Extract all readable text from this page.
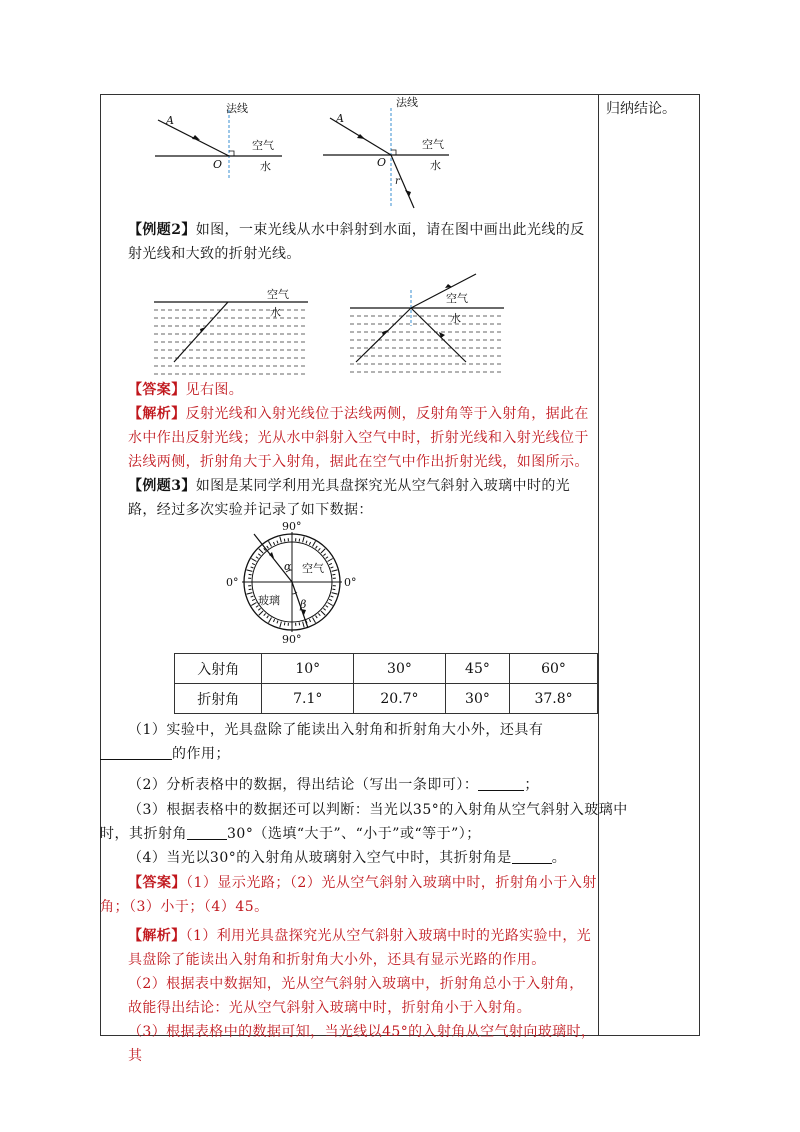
归纳结论。
法线
A
O
空气
水
法线
A
O
r
空气
水
【例题2】如图，一束光线从水中斜射到水面，请在图中画出此光线的反射光线和大致的折射光线。
【答案】见右图。
【解析】反射光线和入射光线位于法线两侧，反射角等于入射角，据此在水中作出反射光线；光从水中斜射入空气中时，折射光线和入射光线位于法线两侧，折射角大于入射角，据此在空气中作出折射光线，如图所示。
【例题3】如图是某同学利用光具盘探究光从空气斜射入玻璃中时的光路，经过多次实验并记录了如下数据：
入射角	10°	30°	45°	60°
折射角	7.1°	20.7°	30°	37.8°
（1）实验中，光具盘除了能读出入射角和折射角大小外，还具有
的作用；
（2）分析表格中的数据，得出结论（写出一条即可）：	；
（3）根据表格中的数据还可以判断：当光以35°的入射角从空气斜射入玻璃中
时，其折射角	30°（选填“大于”、“小于”或“等于”）；
（4）当光以30°的入射角从玻璃射入空气中时，其折射角是	。
【答案】（1）显示光路；（2）光从空气斜射入玻璃中时，折射角小于入射
角；（3）小于；（4）45。
【解析】（1）利用光具盘探究光从空气斜射入玻璃中时的光路实验中，光具盘除了能读出入射角和折射角大小外，还具有显示光路的作用。
（2）根据表中数据知，光从空气斜射入玻璃中，折射角总小于入射角，故能得出结论：光从空气斜射入玻璃中时，折射角小于入射角。
（3）根据表格中的数据可知，当光线以45°的入射角从空气射向玻璃时，其
空气
水
空气
水
90°
90°
0°	0°
空气
玻璃
α
β
